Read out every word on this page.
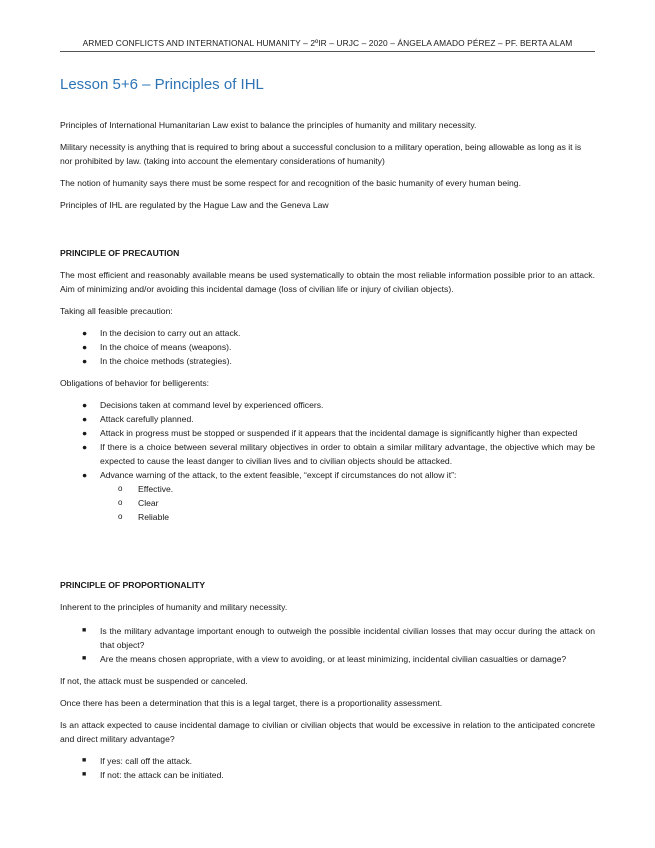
ARMED CONFLICTS AND INTERNATIONAL HUMANITY – 2ºIR – URJC – 2020 – ÁNGELA AMADO PÉREZ – PF. BERTA ALAM
Lesson 5+6 – Principles of IHL

Principles of International Humanitarian Law exist to balance the principles of humanity and military necessity.

Military necessity is anything that is required to bring about a successful conclusion to a military operation, being allowable as long as it is nor prohibited by law. (taking into account the elementary considerations of humanity)

The notion of humanity says there must be some respect for and recognition of the basic humanity of every human being.

Principles of IHL are regulated by the Hague Law and the Geneva Law

PRINCIPLE OF PRECAUTION

The most efficient and reasonably available means be used systematically to obtain the most reliable information possible prior to an attack. Aim of minimizing and/or avoiding this incidental damage (loss of civilian life or injury of civilian objects).

Taking all feasible precaution:

● In the decision to carry out an attack.
● In the choice of means (weapons).
● In the choice methods (strategies).

Obligations of behavior for belligerents:

● Decisions taken at command level by experienced officers.
● Attack carefully planned.
● Attack in progress must be stopped or suspended if it appears that the incidental damage is significantly higher than expected
● If there is a choice between several military objectives in order to obtain a similar military advantage, the objective which may be expected to cause the least danger to civilian lives and to civilian objects should be attacked.
● Advance warning of the attack, to the extent feasible, “except if circumstances do not allow it”:
o Effective.
o Clear
o Reliable

PRINCIPLE OF PROPORTIONALITY

Inherent to the principles of humanity and military necessity.

■ Is the military advantage important enough to outweigh the possible incidental civilian losses that may occur during the attack on that object?
■ Are the means chosen appropriate, with a view to avoiding, or at least minimizing, incidental civilian casualties or damage?

If not, the attack must be suspended or canceled.

Once there has been a determination that this is a legal target, there is a proportionality assessment.

Is an attack expected to cause incidental damage to civilian or civilian objects that would be excessive in relation to the anticipated concrete and direct military advantage?

■ If yes: call off the attack.
■ If not: the attack can be initiated.
